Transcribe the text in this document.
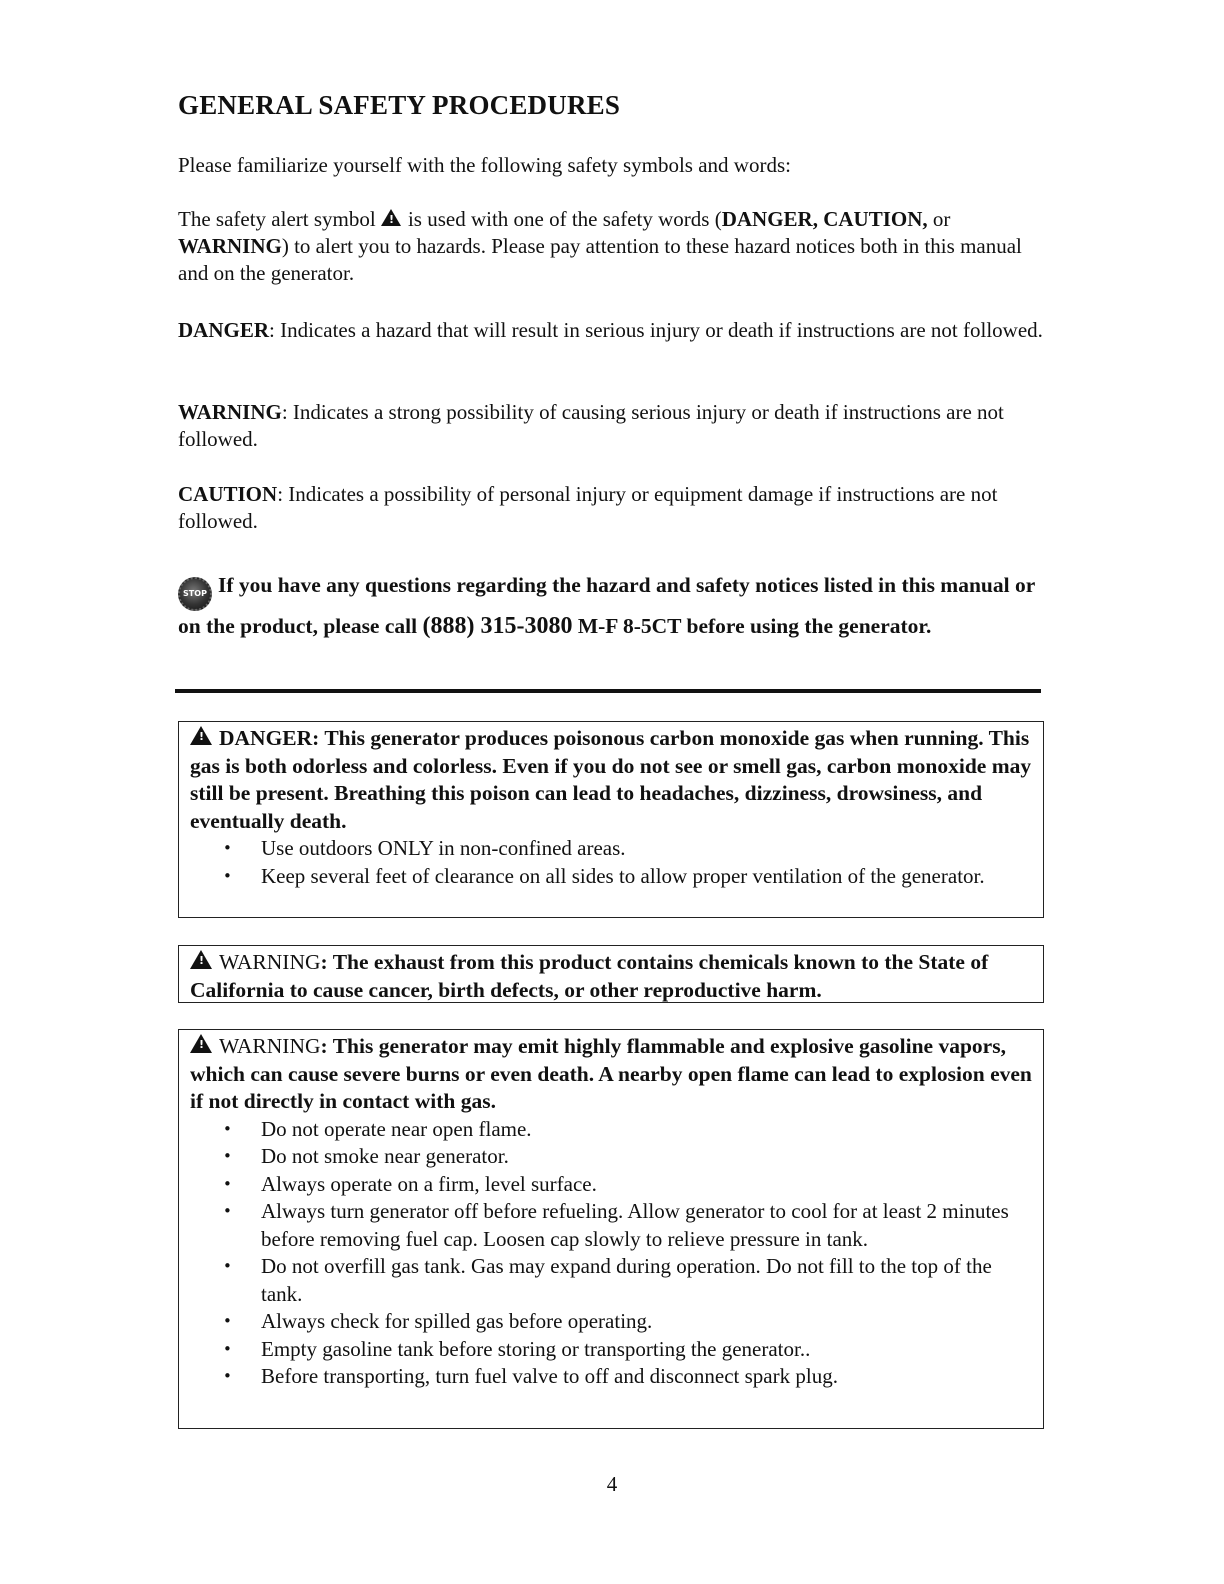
GENERAL SAFETY PROCEDURES

Please familiarize yourself with the following safety symbols and words:

The safety alert symbol ! is used with one of the safety words (DANGER, CAUTION, or WARNING) to alert you to hazards. Please pay attention to these hazard notices both in this manual and on the generator.

DANGER: Indicates a hazard that will result in serious injury or death if instructions are not followed.

WARNING: Indicates a strong possibility of causing serious injury or death if instructions are not followed.

CAUTION: Indicates a possibility of personal injury or equipment damage if instructions are not followed.

STOP If you have any questions regarding the hazard and safety notices listed in this manual or on the product, please call (888) 315-3080 M-F 8-5CT before using the generator.

!DANGER: This generator produces poisonous carbon monoxide gas when running. This gas is both odorless and colorless. Even if you do not see or smell gas, carbon monoxide may still be present. Breathing this poison can lead to headaches, dizziness, drowsiness, and eventually death.

• Use outdoors ONLY in non-confined areas.
• Keep several feet of clearance on all sides to allow proper ventilation of the generator.

!WARNING: The exhaust from this product contains chemicals known to the State of California to cause cancer, birth defects, or other reproductive harm.

!WARNING: This generator may emit highly flammable and explosive gasoline vapors, which can cause severe burns or even death. A nearby open flame can lead to explosion even if not directly in contact with gas.

• Do not operate near open flame.
• Do not smoke near generator.
• Always operate on a firm, level surface.
• Always turn generator off before refueling. Allow generator to cool for at least 2 minutes before removing fuel cap. Loosen cap slowly to relieve pressure in tank.
• Do not overfill gas tank. Gas may expand during operation. Do not fill to the top of the tank.
• Always check for spilled gas before operating.
• Empty gasoline tank before storing or transporting the generator..
• Before transporting, turn fuel valve to off and disconnect spark plug.
4
